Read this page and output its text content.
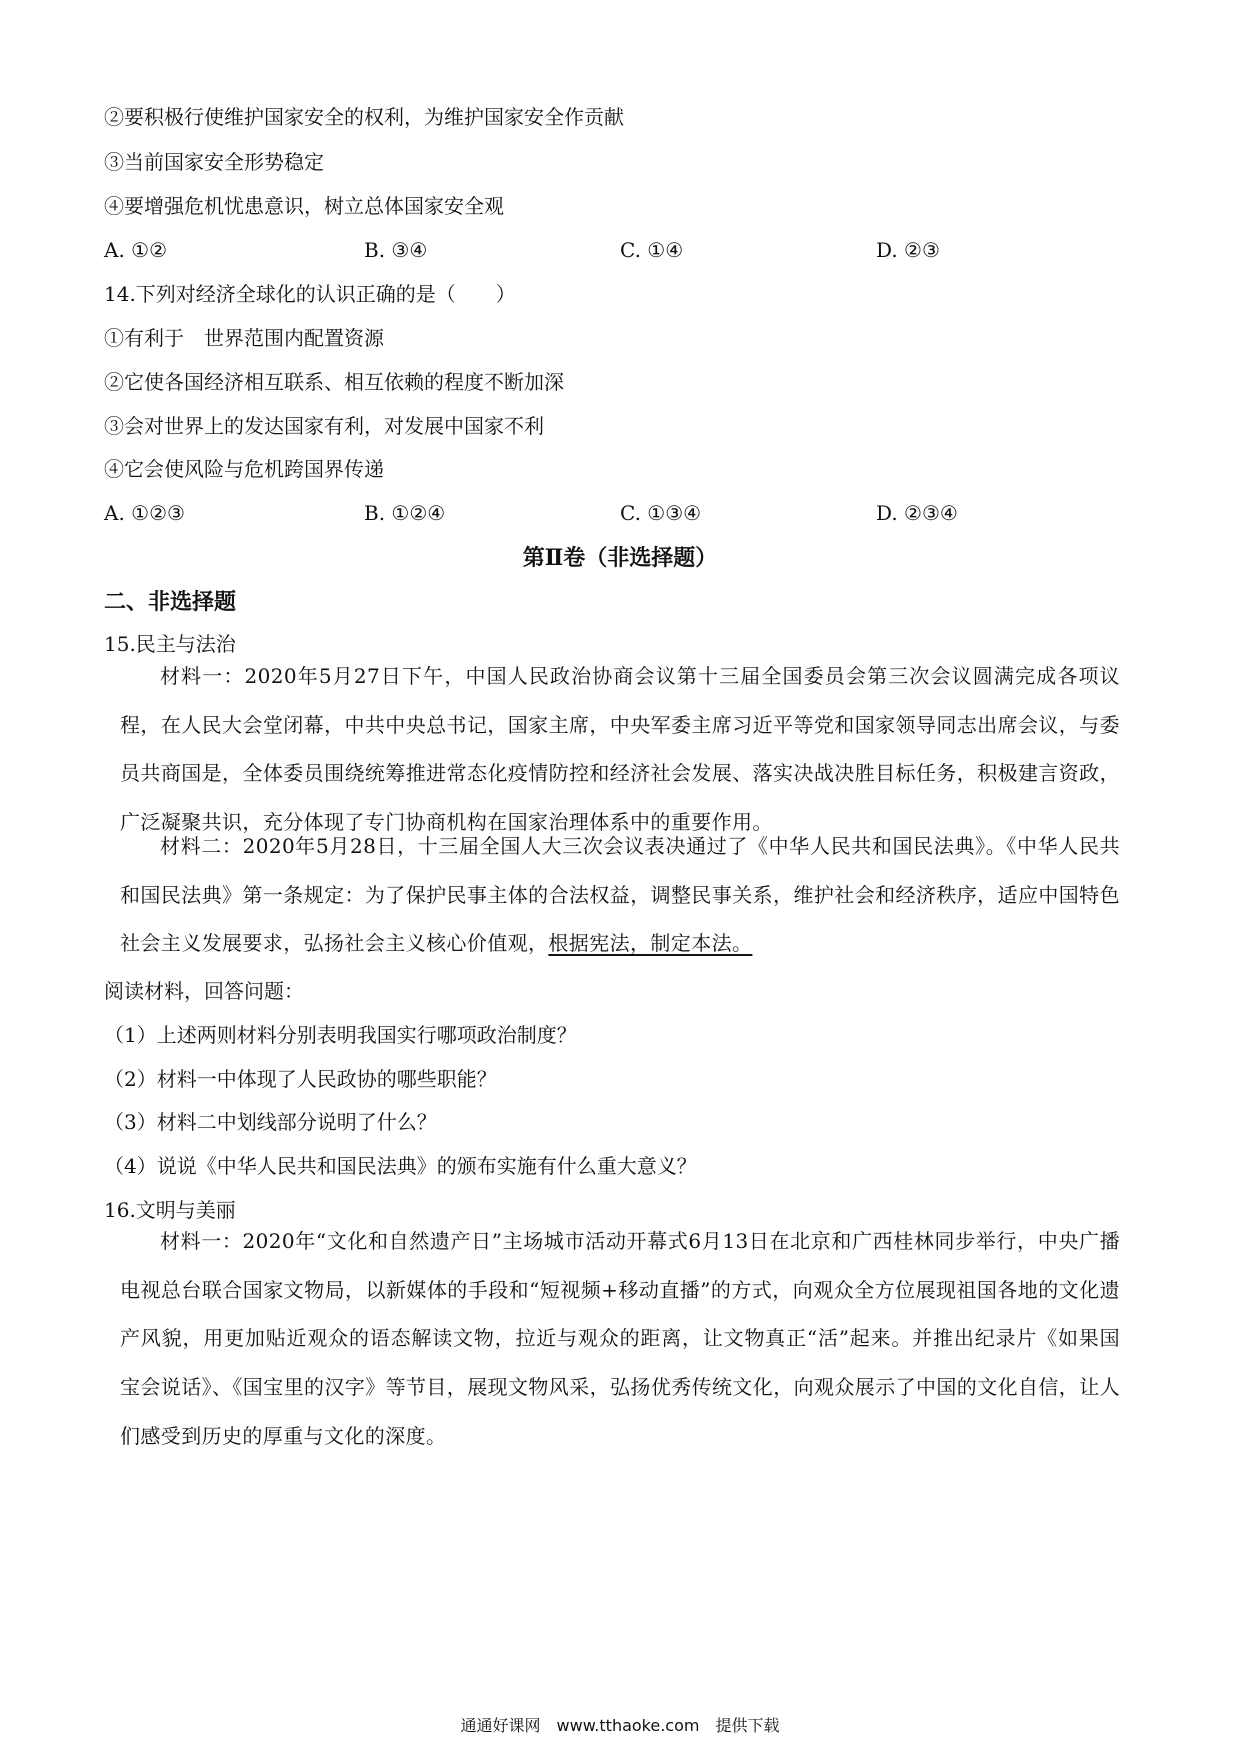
②要积极行使维护国家安全的权利，为维护国家安全作贡献
③当前国家安全形势稳定
④要增强危机忧患意识，树立总体国家安全观
A. ①②	B. ③④	C. ①④	D. ②③
14.下列对经济全球化的认识正确的是（　　）
①有利于　世界范围内配置资源
②它使各国经济相互联系、相互依赖的程度不断加深
③会对世界上的发达国家有利，对发展中国家不利
④它会使风险与危机跨国界传递
A. ①②③	B. ①②④	C. ①③④	D. ②③④
第Ⅱ卷（非选择题）
二、非选择题
15.民主与法治
材料一：2020年5月27日下午，中国人民政治协商会议第十三届全国委员会第三次会议圆满完成各项议程，在人民大会堂闭幕，中共中央总书记，国家主席，中央军委主席习近平等党和国家领导同志出席会议，与委员共商国是，全体委员围绕统筹推进常态化疫情防控和经济社会发展、落实决战决胜目标任务，积极建言资政，广泛凝聚共识，充分体现了专门协商机构在国家治理体系中的重要作用。
材料二：2020年5月28日，十三届全国人大三次会议表决通过了《中华人民共和国民法典》。《中华人民共和国民法典》第一条规定：为了保护民事主体的合法权益，调整民事关系，维护社会和经济秩序，适应中国特色社会主义发展要求，弘扬社会主义核心价值观，根据宪法，制定本法。
阅读材料，回答问题：
（1）上述两则材料分别表明我国实行哪项政治制度？
（2）材料一中体现了人民政协的哪些职能？
（3）材料二中划线部分说明了什么？
（4）说说《中华人民共和国民法典》的颁布实施有什么重大意义？
16.文明与美丽
材料一：2020年“文化和自然遗产日”主场城市活动开幕式6月13日在北京和广西桂林同步举行，中央广播电视总台联合国家文物局，以新媒体的手段和“短视频+移动直播”的方式，向观众全方位展现祖国各地的文化遗产风貌，用更加贴近观众的语态解读文物，拉近与观众的距离，让文物真正“活”起来。并推出纪录片《如果国宝会说话》、《国宝里的汉字》等节目，展现文物风采，弘扬优秀传统文化，向观众展示了中国的文化自信，让人们感受到历史的厚重与文化的深度。
通通好课网　www.tthaoke.com　提供下载
